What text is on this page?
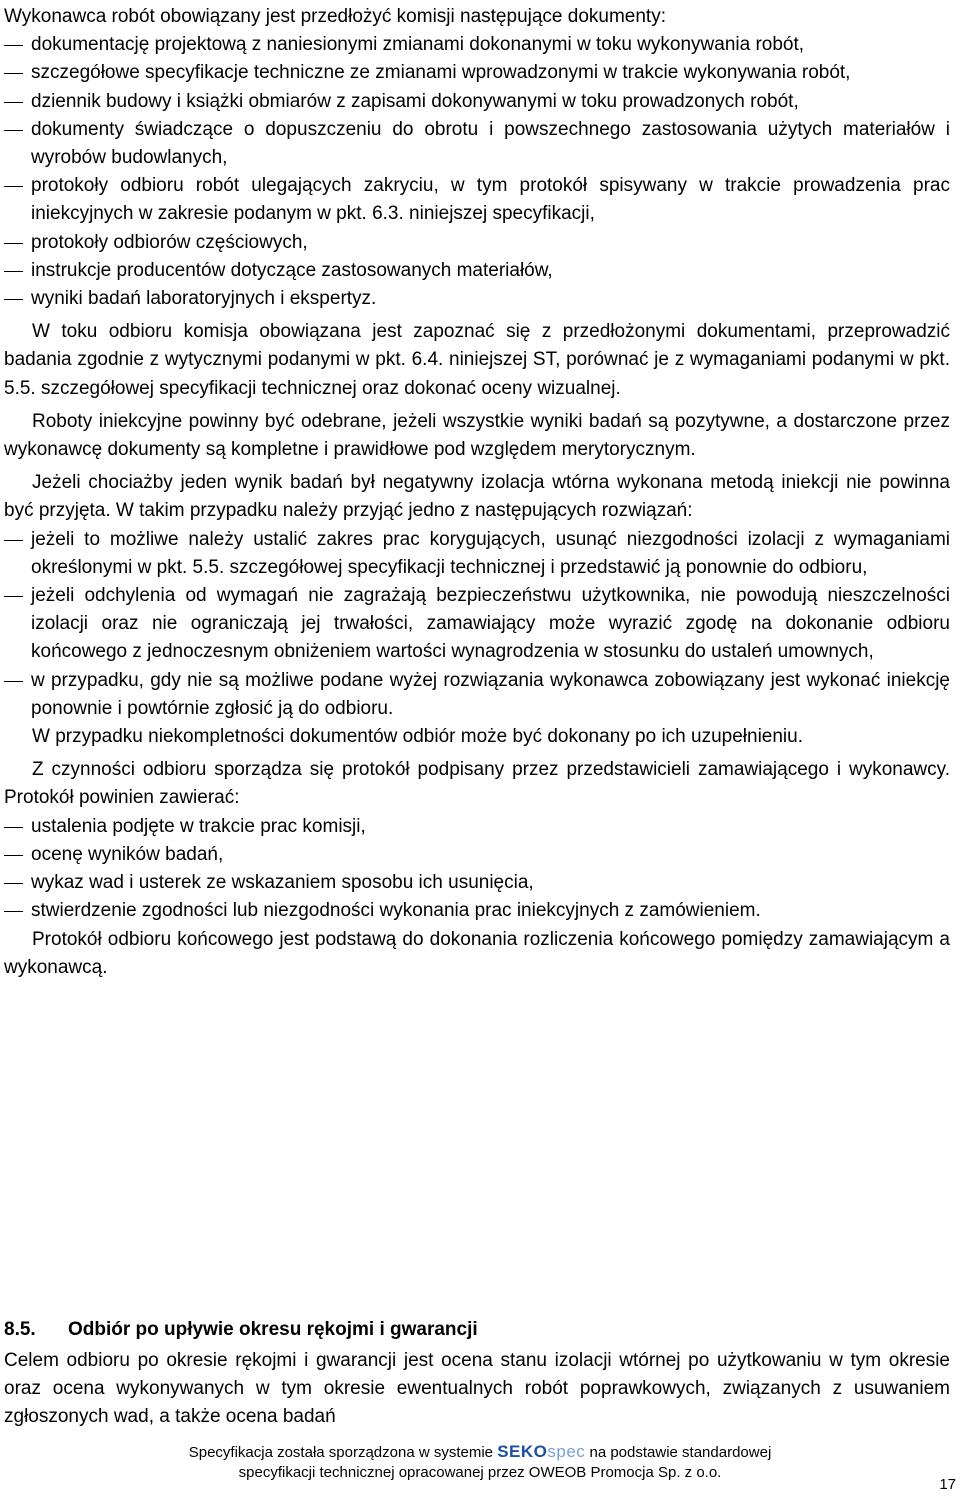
Wykonawca robót obowiązany jest przedłożyć komisji następujące dokumenty:

dokumentację projektową z naniesionymi zmianami dokonanymi w toku wykonywania robót,
szczegółowe specyfikacje techniczne ze zmianami wprowadzonymi w trakcie wykonywania robót,
dziennik budowy i książki obmiarów z zapisami dokonywanymi w toku prowadzonych robót,
dokumenty świadczące o dopuszczeniu do obrotu i powszechnego zastosowania użytych materiałów i wyrobów budowlanych,
protokoły odbioru robót ulegających zakryciu, w tym protokół spisywany w trakcie prowadzenia prac iniekcyjnych w zakresie podanym w pkt. 6.3. niniejszej specyfikacji,
protokoły odbiorów częściowych,
instrukcje producentów dotyczące zastosowanych materiałów,
wyniki badań laboratoryjnych i ekspertyz.

W toku odbioru komisja obowiązana jest zapoznać się z przedłożonymi dokumentami, przeprowadzić badania zgodnie z wytycznymi podanymi w pkt. 6.4. niniejszej ST, porównać je z wymaganiami podanymi w pkt. 5.5. szczegółowej specyfikacji technicznej oraz dokonać oceny wizualnej.

Roboty iniekcyjne powinny być odebrane, jeżeli wszystkie wyniki badań są pozytywne, a dostarczone przez wykonawcę dokumenty są kompletne i prawidłowe pod względem merytorycznym.

Jeżeli chociażby jeden wynik badań był negatywny izolacja wtórna wykonana metodą iniekcji nie powinna być przyjęta. W takim przypadku należy przyjąć jedno z następujących rozwiązań:

jeżeli to możliwe należy ustalić zakres prac korygujących, usunąć niezgodności izolacji z wymaganiami określonymi w pkt. 5.5. szczegółowej specyfikacji technicznej i przedstawić ją ponownie do odbioru,
jeżeli odchylenia od wymagań nie zagrażają bezpieczeństwu użytkownika, nie powodują nieszczelności izolacji oraz nie ograniczają jej trwałości, zamawiający może wyrazić zgodę na dokonanie odbioru końcowego z jednoczesnym obniżeniem wartości wynagrodzenia w stosunku do ustaleń umownych,
w przypadku, gdy nie są możliwe podane wyżej rozwiązania wykonawca zobowiązany jest wykonać iniekcję ponownie i powtórnie zgłosić ją do odbioru.

W przypadku niekompletności dokumentów odbiór może być dokonany po ich uzupełnieniu.

Z czynności odbioru sporządza się protokół podpisany przez przedstawicieli zamawiającego i wykonawcy. Protokół powinien zawierać:

ustalenia podjęte w trakcie prac komisji,
ocenę wyników badań,
wykaz wad i usterek ze wskazaniem sposobu ich usunięcia,
stwierdzenie zgodności lub niezgodności wykonania prac iniekcyjnych z zamówieniem.

Protokół odbioru końcowego jest podstawą do dokonania rozliczenia końcowego pomiędzy zamawiającym a wykonawcą.

8.5. Odbiór po upływie okresu rękojmi i gwarancji
Celem odbioru po okresie rękojmi i gwarancji jest ocena stanu izolacji wtórnej po użytkowaniu w tym okresie oraz ocena wykonywanych w tym okresie ewentualnych robót poprawkowych, związanych z usuwaniem zgłoszonych wad, a także ocena badań
Specyfikacja została sporządzona w systemie SEKOspec na podstawie standardowej
specyfikacji technicznej opracowanej przez OWEOB Promocja Sp. z o.o.
17
